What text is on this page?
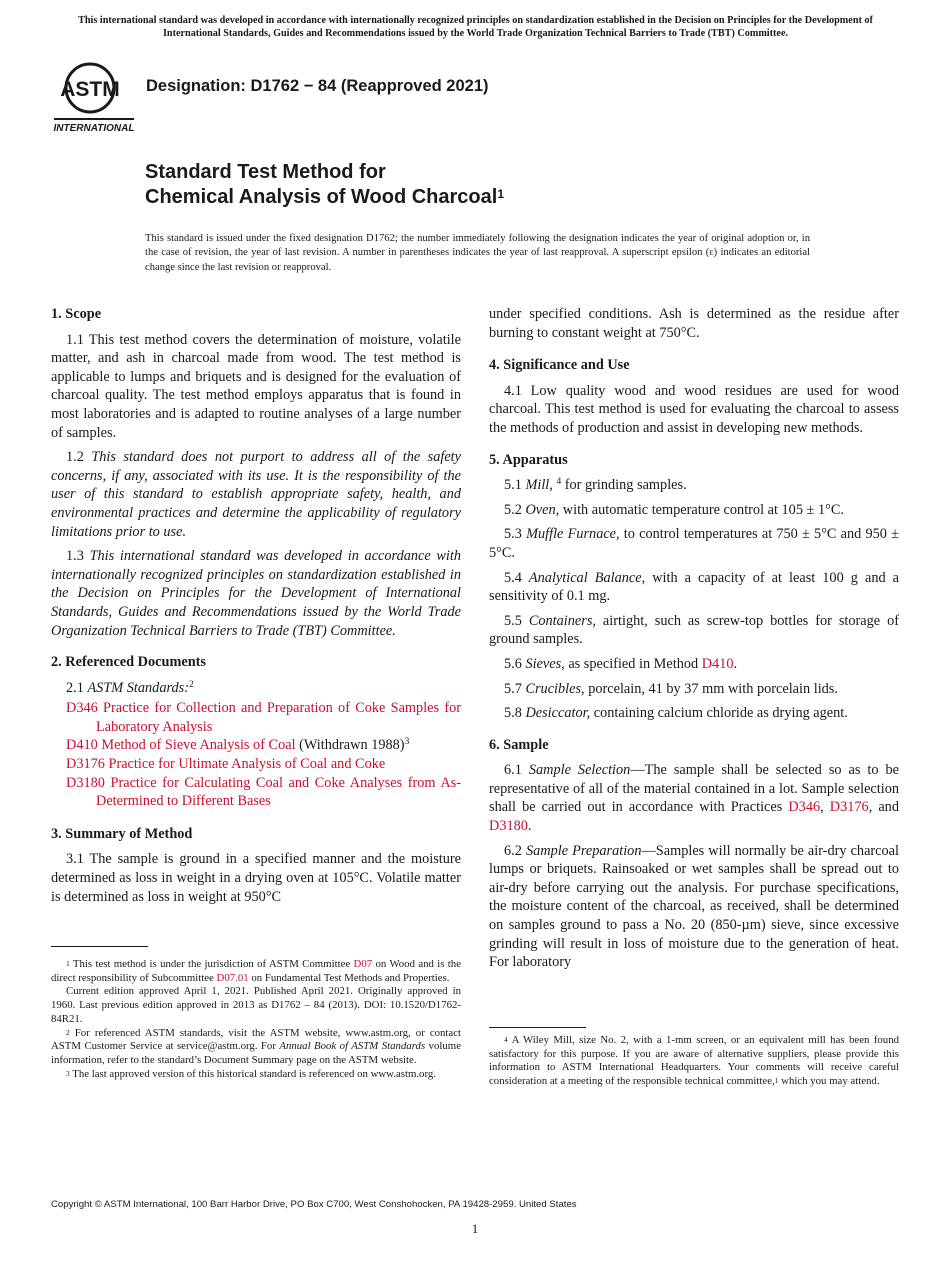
This international standard was developed in accordance with internationally recognized principles on standardization established in the Decision on Principles for the Development of International Standards, Guides and Recommendations issued by the World Trade Organization Technical Barriers to Trade (TBT) Committee.
ASTM
INTERNATIONAL
Designation: D1762 − 84 (Reapproved 2021)
Standard Test Method for
Chemical Analysis of Wood Charcoal$^1$
This standard is issued under the fixed designation D1762; the number immediately following the designation indicates the year of original adoption or, in the case of revision, the year of last revision. A number in parentheses indicates the year of last reapproval. A superscript epsilon (ε) indicates an editorial change since the last revision or reapproval.
1. Scope

1.1 This test method covers the determination of moisture, volatile matter, and ash in charcoal made from wood. The test method is applicable to lumps and briquets and is designed for the evaluation of charcoal quality. The test method employs apparatus that is found in most laboratories and is adapted to routine analyses of a large number of samples.

1.2 This standard does not purport to address all of the safety concerns, if any, associated with its use. It is the responsibility of the user of this standard to establish appropriate safety, health, and environmental practices and determine the applicability of regulatory limitations prior to use.

1.3 This international standard was developed in accordance with internationally recognized principles on standardization established in the Decision on Principles for the Development of International Standards, Guides and Recommendations issued by the World Trade Organization Technical Barriers to Trade (TBT) Committee.

2. Referenced Documents

2.1 ASTM Standards:$^2$

D346 Practice for Collection and Preparation of Coke Samples for Laboratory Analysis

D410 Method of Sieve Analysis of Coal (Withdrawn 1988)$^3$

D3176 Practice for Ultimate Analysis of Coal and Coke

D3180 Practice for Calculating Coal and Coke Analyses from As-Determined to Different Bases

3. Summary of Method

3.1 The sample is ground in a specified manner and the moisture determined as loss in weight in a drying oven at 105°C. Volatile matter is determined as loss in weight at 950°C

$^1$ This test method is under the jurisdiction of ASTM Committee D07 on Wood and is the direct responsibility of Subcommittee D07.01 on Fundamental Test Methods and Properties.

Current edition approved April 1, 2021. Published April 2021. Originally approved in 1960. Last previous edition approved in 2013 as D1762 – 84 (2013). DOI: 10.1520/D1762-84R21.

$^2$ For referenced ASTM standards, visit the ASTM website, www.astm.org, or contact ASTM Customer Service at service@astm.org. For Annual Book of ASTM Standards volume information, refer to the standard’s Document Summary page on the ASTM website.

$^3$ The last approved version of this historical standard is referenced on www.astm.org.

under specified conditions. Ash is determined as the residue after burning to constant weight at 750°C.

4. Significance and Use

4.1 Low quality wood and wood residues are used for wood charcoal. This test method is used for evaluating the charcoal to assess the methods of production and assist in developing new methods.

5. Apparatus

5.1 Mill, $^4$ for grinding samples.

5.2 Oven, with automatic temperature control at 105 ± 1°C.

5.3 Muffle Furnace, to control temperatures at 750 ± 5°C and 950 ± 5°C.

5.4 Analytical Balance, with a capacity of at least 100 g and a sensitivity of 0.1 mg.

5.5 Containers, airtight, such as screw-top bottles for storage of ground samples.

5.6 Sieves, as specified in Method D410.

5.7 Crucibles, porcelain, 41 by 37 mm with porcelain lids.

5.8 Desiccator, containing calcium chloride as drying agent.

6. Sample

6.1 Sample Selection—The sample shall be selected so as to be representative of all of the material contained in a lot. Sample selection shall be carried out in accordance with Practices D346, D3176, and D3180.

6.2 Sample Preparation—Samples will normally be air-dry charcoal lumps or briquets. Rainsoaked or wet samples shall be spread out to air-dry before carrying out the analysis. For purchase specifications, the moisture content of the charcoal, as received, shall be determined on samples ground to pass a No. 20 (850-µm) sieve, since excessive grinding will result in loss of moisture due to the generation of heat. For laboratory

$^4$ A Wiley Mill, size No. 2, with a 1-mm screen, or an equivalent mill has been found satisfactory for this purpose. If you are aware of alternative suppliers, please provide this information to ASTM International Headquarters. Your comments will receive careful consideration at a meeting of the responsible technical committee,$^1$ which you may attend.

Copyright © ASTM International, 100 Barr Harbor Drive, PO Box C700, West Conshohocken, PA 19428-2959. United States
1
